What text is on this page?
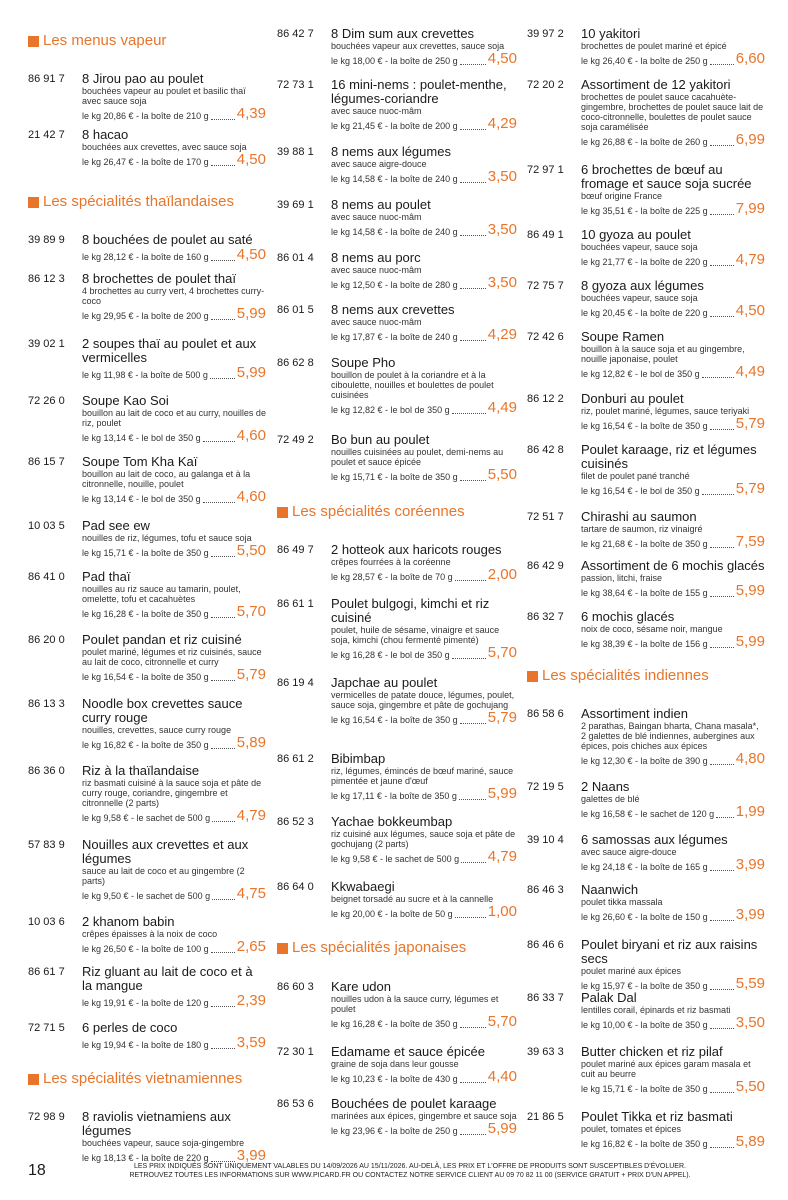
Les menus vapeur
86 91 7	8 Jirou pao au poulet
bouchées vapeur au poulet et basilic thaï avec sauce soja
le kg 20,86 € - la boîte de 210 g 4,39
21 42 7	8 hacao
bouchées aux crevettes, avec sauce soja
le kg 26,47 € - la boîte de 170 g 4,50
Les spécialités thaïlandaises
39 89 9	8 bouchées de poulet au saté
le kg 28,12 € - la boîte de 160 g 4,50
86 12 3	8 brochettes de poulet thaï
4 brochettes au curry vert, 4 brochettes curry-coco
le kg 29,95 € - la boîte de 200 g 5,99
39 02 1	2 soupes thaï au poulet et aux vermicelles
le kg 11,98 € - la boîte de 500 g 5,99
72 26 0	Soupe Kao Soi
bouillon au lait de coco et au curry, nouilles de riz, poulet
le kg 13,14 € - le bol de 350 g 4,60
86 15 7	Soupe Tom Kha Kaï
bouillon au lait de coco, au galanga et à la citronnelle, nouille, poulet
le kg 13,14 € - le bol de 350 g 4,60
10 03 5	Pad see ew
nouilles de riz, légumes, tofu et sauce soja
le kg 15,71 € - la boîte de 350 g 5,50
86 41 0	Pad thaï
nouilles au riz sauce au tamarin, poulet, omelette, tofu et cacahuètes
le kg 16,28 € - la boîte de 350 g 5,70
86 20 0	Poulet pandan et riz cuisiné
poulet mariné, légumes et riz cuisinés, sauce au lait de coco, citronnelle et curry
le kg 16,54 € - la boîte de 350 g 5,79
86 13 3	Noodle box crevettes sauce curry rouge
nouilles, crevettes, sauce curry rouge
le kg 16,82 € - la boîte de 350 g 5,89
86 36 0	Riz à la thaïlandaise
riz basmati cuisiné à la sauce soja et pâte de curry rouge, coriandre, gingembre et citronnelle (2 parts)
le kg 9,58 € - le sachet de 500 g 4,79
57 83 9	Nouilles aux crevettes et aux légumes
sauce au lait de coco et au gingembre (2 parts)
le kg 9,50 € - le sachet de 500 g 4,75
10 03 6	2 khanom babin
crêpes épaisses à la noix de coco
le kg 26,50 € - la boîte de 100 g 2,65
86 61 7	Riz gluant au lait de coco et à la mangue
le kg 19,91 € - la boîte de 120 g 2,39
72 71 5	6 perles de coco
le kg 19,94 € - la boîte de 180 g 3,59
Les spécialités vietnamiennes
72 98 9	8 raviolis vietnamiens aux légumes
bouchées vapeur, sauce soja-gingembre
le kg 18,13 € - la boîte de 220 g 3,99
86 42 7	8 Dim sum aux crevettes
bouchées vapeur aux crevettes, sauce soja
le kg 18,00 € - la boîte de 250 g 4,50
72 73 1	16 mini-nems : poulet-menthe, légumes-coriandre
avec sauce nuoc-mâm
le kg 21,45 € - la boîte de 200 g 4,29
39 88 1	8 nems aux légumes
avec sauce aigre-douce
le kg 14,58 € - la boîte de 240 g 3,50
39 69 1	8 nems au poulet
avec sauce nuoc-mâm
le kg 14,58 € - la boîte de 240 g 3,50
86 01 4	8 nems au porc
avec sauce nuoc-mâm
le kg 12,50 € - la boîte de 280 g 3,50
86 01 5	8 nems aux crevettes
avec sauce nuoc-mâm
le kg 17,87 € - la boîte de 240 g 4,29
86 62 8	Soupe Pho
bouillon de poulet à la coriandre et à la ciboulette, nouilles et boulettes de poulet cuisinées
le kg 12,82 € - le bol de 350 g	4,49
72 49 2	Bo bun au poulet
nouilles cuisinées au poulet, demi-nems au poulet et sauce épicée
le kg 15,71 € - la boîte de 350 g 5,50
Les spécialités coréennes
86 49 7	2 hotteok aux haricots rouges
crêpes fourrées à la coréenne
le kg 28,57 € - la boîte de 70 g 2,00
86 61 1	Poulet bulgogi, kimchi et riz cuisiné
poulet, huile de sésame, vinaigre et sauce soja, kimchi (chou fermenté pimenté)
le kg 16,28 € - le bol de 350 g	5,70
86 19 4	Japchae au poulet
vermicelles de patate douce, légumes, poulet, sauce soja, gingembre et pâte de gochujang
le kg 16,54 € - la boîte de 350 g 5,79
86 61 2	Bibimbap
riz, légumes, émincés de bœuf mariné, sauce pimentée et jaune d'œuf
le kg 17,11 € - la boîte de 350 g 5,99
86 52 3	Yachae bokkeumbap
riz cuisiné aux légumes, sauce soja et pâte de gochujang (2 parts)
le kg 9,58 € - le sachet de 500 g 4,79
86 64 0	Kkwabaegi
beignet torsadé au sucre et à la cannelle
le kg 20,00 € - la boîte de 50 g 1,00
Les spécialités japonaises
86 60 3	Kare udon
nouilles udon à la sauce curry, légumes et poulet
le kg 16,28 € - la boîte de 350 g 5,70
72 30 1	Edamame et sauce épicée
graine de soja dans leur gousse
le kg 10,23 € - la boîte de 430 g 4,40
86 53 6	Bouchées de poulet karaage
marinées aux épices, gingembre et sauce soja
le kg 23,96 € - la boîte de 250 g 5,99
39 97 2	10 yakitori
brochettes de poulet mariné et épicé
le kg 26,40 € - la boîte de 250 g 6,60
72 20 2	Assortiment de 12 yakitori
brochettes de poulet sauce cacahuète-gingembre, brochettes de poulet sauce lait de coco-citronnelle, boulettes de poulet sauce soja caramélisée
le kg 26,88 € - la boîte de 260 g 6,99
72 97 1	6 brochettes de bœuf au fromage et sauce soja sucrée
bœuf origine France
le kg 35,51 € - la boîte de 225 g 7,99
86 49 1	10 gyoza au poulet
bouchées vapeur, sauce soja
le kg 21,77 € - la boîte de 220 g 4,79
72 75 7	8 gyoza aux légumes
bouchées vapeur, sauce soja
le kg 20,45 € - la boîte de 220 g 4,50
72 42 6	Soupe Ramen
bouillon à la sauce soja et au gingembre, nouille japonaise, poulet
le kg 12,82 € - le bol de 350 g 4,49
86 12 2	Donburi au poulet
riz, poulet mariné, légumes, sauce teriyaki
le kg 16,54 € - la boîte de 350 g 5,79
86 42 8	Poulet karaage, riz et légumes cuisinés
filet de poulet pané tranché
le kg 16,54 € - le bol de 350 g 5,79
72 51 7	Chirashi au saumon
tartare de saumon, riz vinaigré
le kg 21,68 € - la boîte de 350 g 7,59
86 42 9	Assortiment de 6 mochis glacés
passion, litchi, fraise
le kg 38,64 € - la boîte de 155 g 5,99
86 32 7	6 mochis glacés
noix de coco, sésame noir, mangue
le kg 38,39 € - la boîte de 156 g 5,99
Les spécialités indiennes
86 58 6	Assortiment indien
2 parathas, Baingan bharta, Chana masala*, 2 galettes de blé indiennes, aubergines aux épices, pois chiches aux épices
le kg 12,30 € - la boîte de 390 g 4,80
72 19 5	2 Naans
galettes de blé
le kg 16,58 € - le sachet de 120 g 1,99
39 10 4	6 samossas aux légumes
avec sauce aigre-douce
le kg 24,18 € - la boîte de 165 g 3,99
86 46 3	Naanwich
poulet tikka massala
le kg 26,60 € - la boîte de 150 g 3,99
86 46 6	Poulet biryani et riz aux raisins secs
poulet mariné aux épices
le kg 15,97 € - la boîte de 350 g 5,59
86 33 7	Palak Dal
lentilles corail, épinards et riz basmati
le kg 10,00 € - la boîte de 350 g 3,50
39 63 3	Butter chicken et riz pilaf
poulet mariné aux épices garam masala et cuit au beurre
le kg 15,71 € - la boîte de 350 g 5,50
21 86 5	Poulet Tikka et riz basmati
poulet, tomates et épices
le kg 16,82 € - la boîte de 350 g 5,89
18	LES PRIX INDIQUÉS SONT UNIQUEMENT VALABLES DU 14/09/2026 AU 15/11/2026. AU-DELÀ, LES PRIX ET L'OFFRE DE PRODUITS SONT SUSCEPTIBLES D'ÉVOLUER.
RETROUVEZ TOUTES LES INFORMATIONS SUR WWW.PICARD.FR OU CONTACTEZ NOTRE SERVICE CLIENT AU 09 70 82 11 00 (SERVICE GRATUIT + PRIX D'UN APPEL).
